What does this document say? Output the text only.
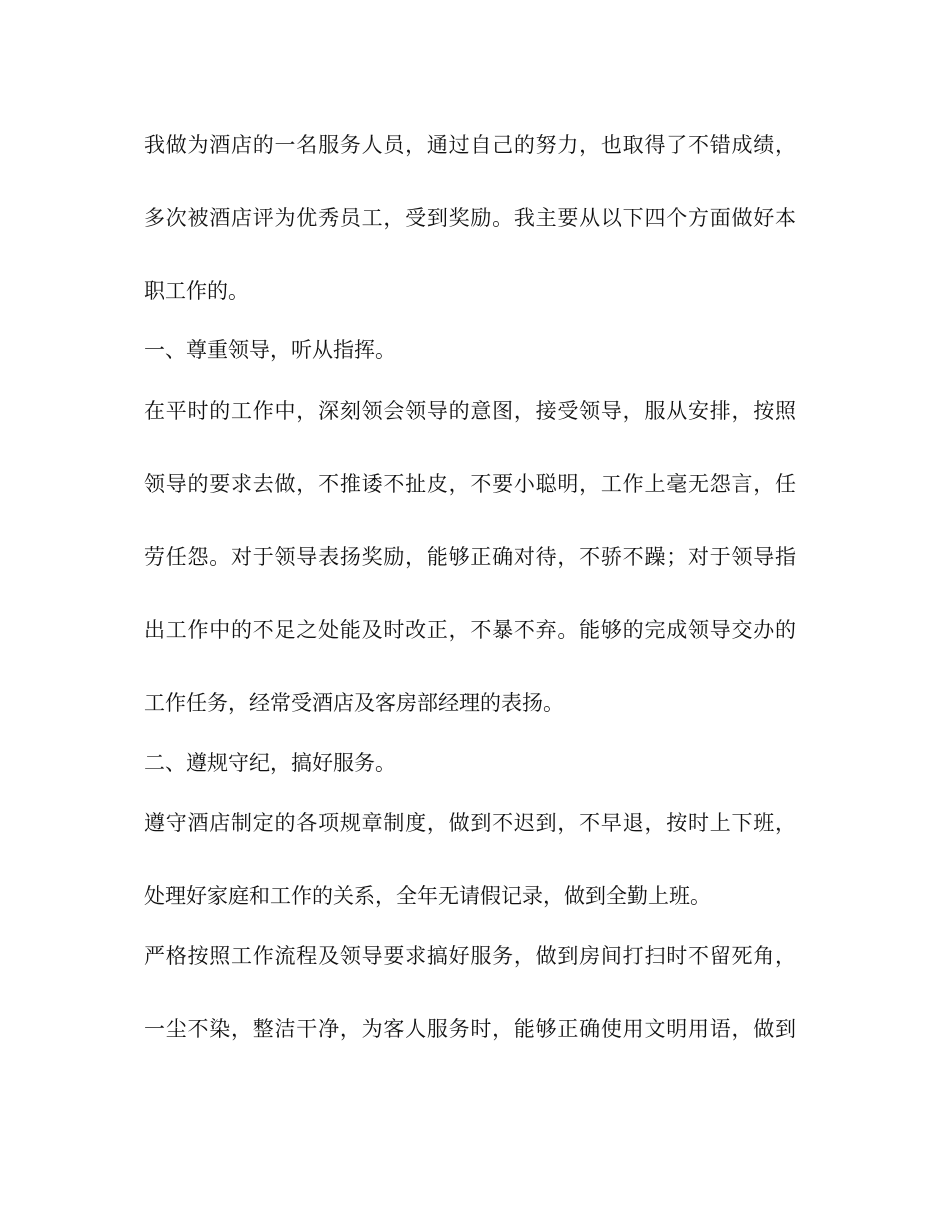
我做为酒店的一名服务人员，通过自己的努力，也取得了不错成绩，

多次被酒店评为优秀员工，受到奖励。我主要从以下四个方面做好本

职工作的。

一、尊重领导，听从指挥。

在平时的工作中，深刻领会领导的意图，接受领导，服从安排，按照

领导的要求去做，不推诿不扯皮，不要小聪明，工作上毫无怨言，任

劳任怨。对于领导表扬奖励，能够正确对待，不骄不躁；对于领导指

出工作中的不足之处能及时改正，不暴不弃。能够的完成领导交办的

工作任务，经常受酒店及客房部经理的表扬。

二、遵规守纪，搞好服务。

遵守酒店制定的各项规章制度，做到不迟到，不早退，按时上下班，

处理好家庭和工作的关系，全年无请假记录，做到全勤上班。

严格按照工作流程及领导要求搞好服务，做到房间打扫时不留死角，

一尘不染，整洁干净，为客人服务时，能够正确使用文明用语，做到
